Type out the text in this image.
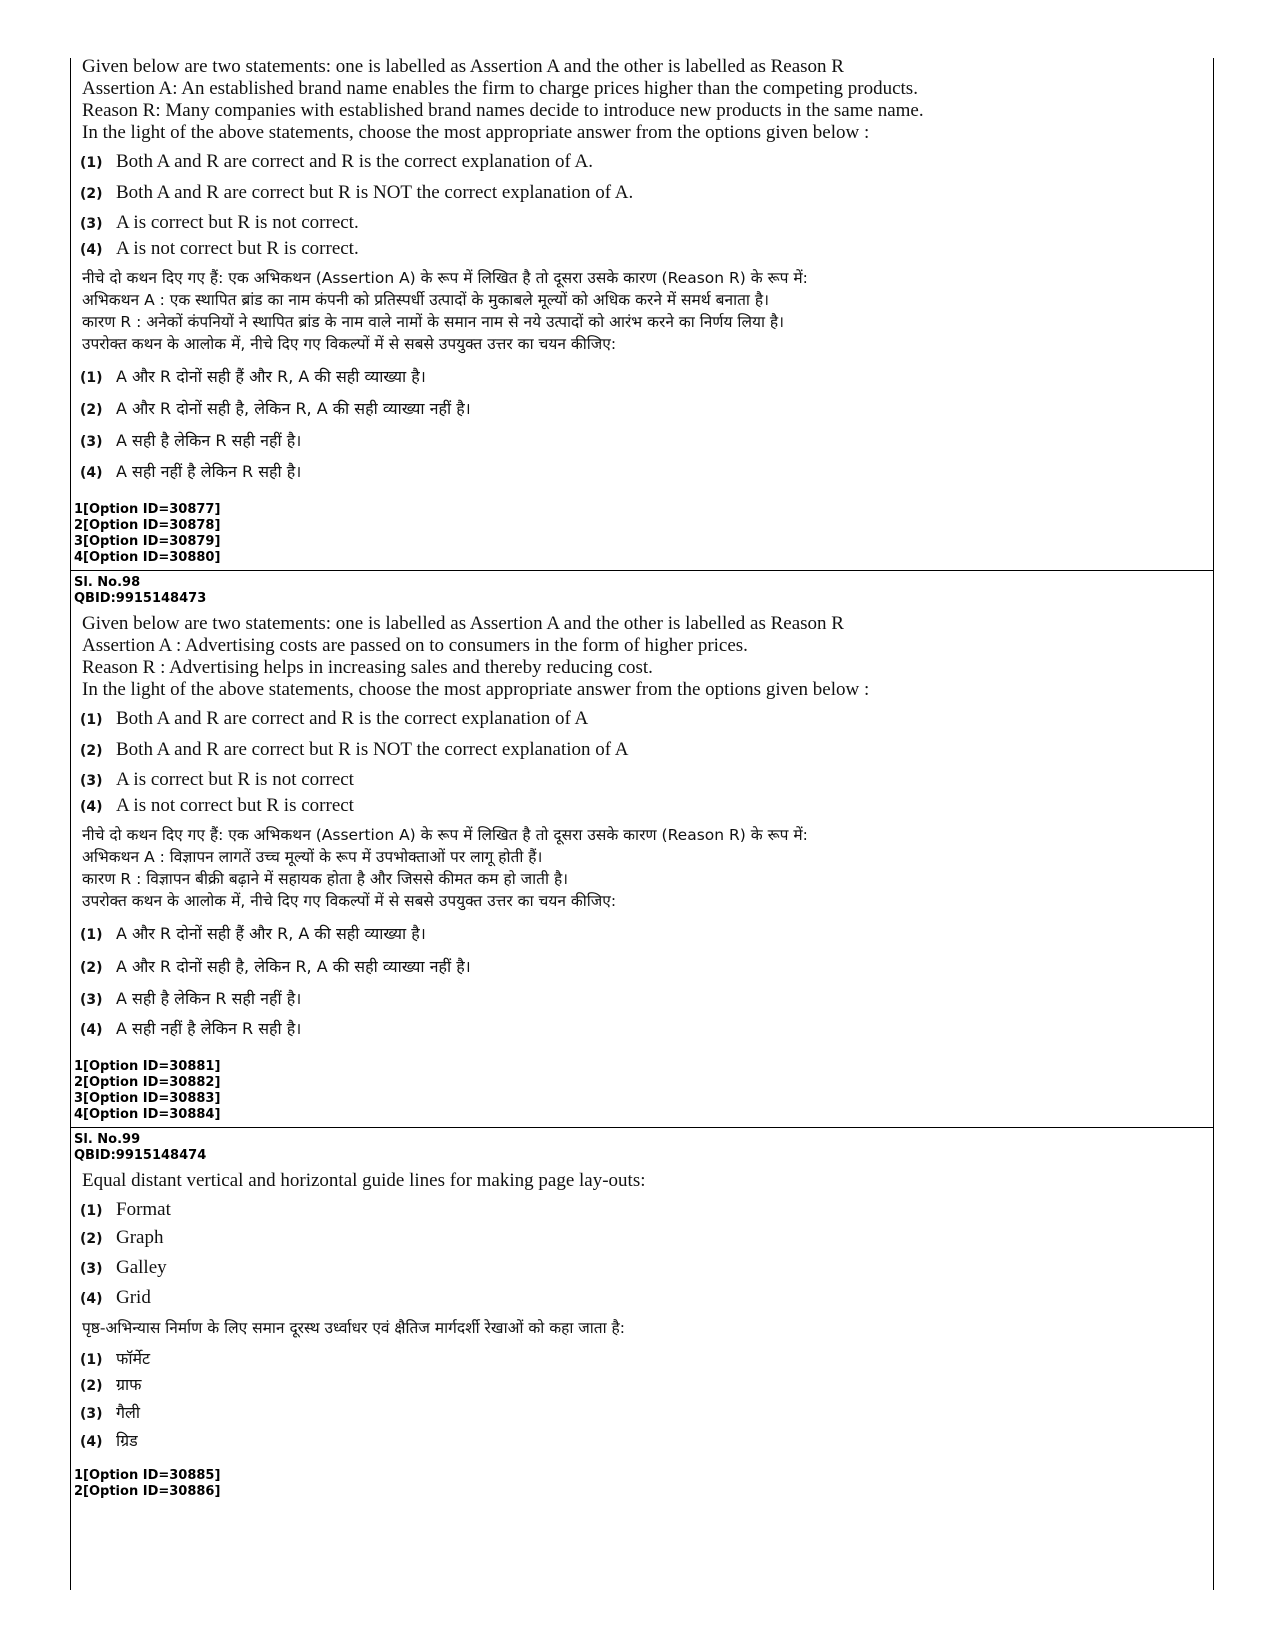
Given below are two statements: one is labelled as Assertion A and the other is labelled as Reason R
Assertion A: An established brand name enables the firm to charge prices higher than the competing products.
Reason R: Many companies with established brand names decide to introduce new products in the same name.
In the light of the above statements, choose the most appropriate answer from the options given below :
(1) Both A and R are correct and R is the correct explanation of A.
(2) Both A and R are correct but R is NOT the correct explanation of A.
(3) A is correct but R is not correct.
(4) A is not correct but R is correct.
नीचे दो कथन दिए गए हैं: एक अभिकथन (Assertion A) के रूप में लिखित है तो दूसरा उसके कारण (Reason R) के रूप में:
अभिकथन A : एक स्थापित ब्रांड का नाम कंपनी को प्रतिस्पर्धी उत्पादों के मुकाबले मूल्यों काे अधिक करने में समर्थ बनाता है।
कारण R : अनेकों कंपनियों ने स्थापित ब्रांड के नाम वाले नामों के समान नाम से नये उत्पादों को आरंभ करने का निर्णय लिया है।
उपरोक्त कथन के आलोक में, नीचे दिए गए विकल्पों में से सबसे उपयुक्त उत्तर का चयन कीजिए:
(1) A और R दोनों सही हैं और R, A की सही व्याख्या है।
(2) A और R दोनों सही है, लेकिन R, A की सही व्याख्या नहीं है।
(3) A सही है लेकिन R सही नहीं है।
(4) A सही नहीं है लेकिन R सही है।
1[Option ID=30877]
2[Option ID=30878]
3[Option ID=30879]
4[Option ID=30880]
Sl. No.98
QBID:9915148473
Given below are two statements: one is labelled as Assertion A and the other is labelled as Reason R
Assertion A : Advertising costs are passed on to consumers in the form of higher prices.
Reason R : Advertising helps in increasing sales and thereby reducing cost.
In the light of the above statements, choose the most appropriate answer from the options given below :
(1) Both A and R are correct and R is the correct explanation of A
(2) Both A and R are correct but R is NOT the correct explanation of A
(3) A is correct but R is not correct
(4) A is not correct but R is correct
नीचे दो कथन दिए गए हैं: एक अभिकथन (Assertion A) के रूप में लिखित है तो दूसरा उसके कारण (Reason R) के रूप में:
अभिकथन A : विज्ञापन लागतें उच्च मूल्यों के रूप में उपभोक्ताओं पर लागू होती हैं।
कारण R : विज्ञापन बीक्री बढ़ाने में सहायक होता है और जिससे कीमत कम हो जाती है।
उपरोक्त कथन के आलोक में, नीचे दिए गए विकल्पों में से सबसे उपयुक्त उत्तर का चयन कीजिए:
(1) A और R दोनों सही हैं और R, A की सही व्याख्या है।
(2) A और R दोनों सही है, लेकिन R, A की सही व्याख्या नहीं है।
(3) A सही है लेकिन R सही नहीं है।
(4) A सही नहीं है लेकिन R सही है।
1[Option ID=30881]
2[Option ID=30882]
3[Option ID=30883]
4[Option ID=30884]
Sl. No.99
QBID:9915148474
Equal distant vertical and horizontal guide lines for making page lay-outs:
(1) Format
(2) Graph
(3) Galley
(4) Grid
पृष्ठ-अभिन्यास निर्माण के लिए समान दूरस्थ उर्ध्वाधर एवं क्षैतिज मार्गदर्शी रेखाओं को कहा जाता है:
(1) फॉर्मेट
(2) ग्राफ
(3) गैली
(4) ग्रिड
1[Option ID=30885]
2[Option ID=30886]
